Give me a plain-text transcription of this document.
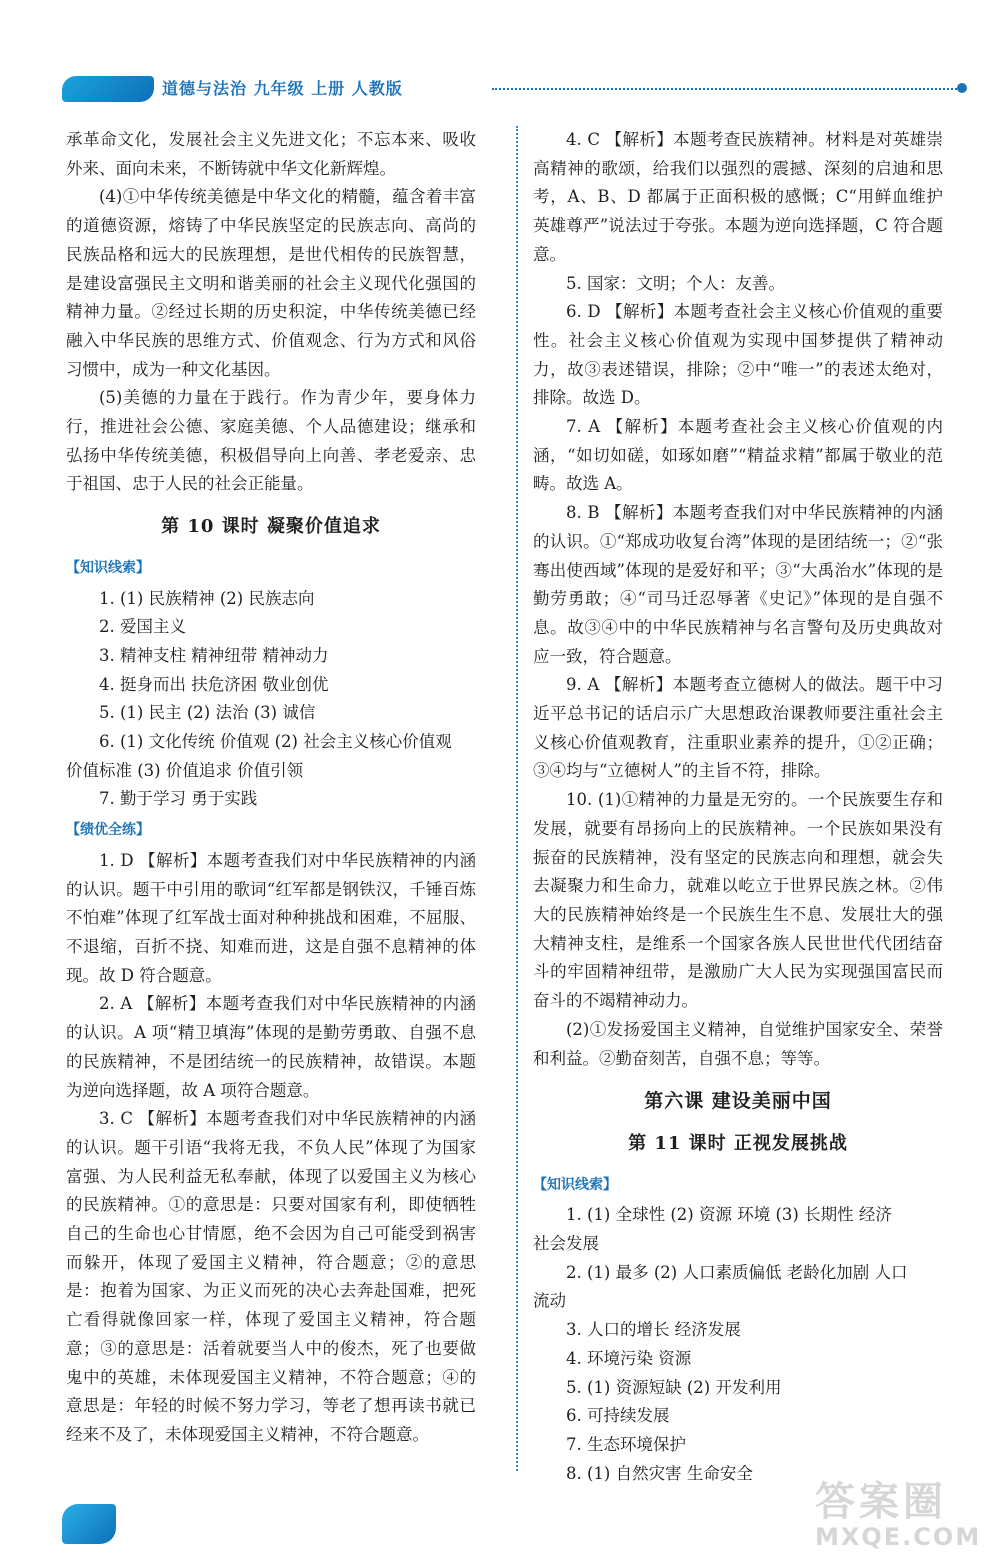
道德与法治 九年级 上册 人教版

承革命文化，发展社会主义先进文化；不忘本来、吸收外来、面向未来，不断铸就中华文化新辉煌。

(4)①中华传统美德是中华文化的精髓，蕴含着丰富的道德资源，熔铸了中华民族坚定的民族志向、高尚的民族品格和远大的民族理想，是世代相传的民族智慧，是建设富强民主文明和谐美丽的社会主义现代化强国的精神力量。②经过长期的历史积淀，中华传统美德已经融入中华民族的思维方式、价值观念、行为方式和风俗习惯中，成为一种文化基因。

(5)美德的力量在于践行。作为青少年，要身体力行，推进社会公德、家庭美德、个人品德建设；继承和弘扬中华传统美德，积极倡导向上向善、孝老爱亲、忠于祖国、忠于人民的社会正能量。

第 10 课时 凝聚价值追求
【知识线索】

1. (1) 民族精神 (2) 民族志向

2. 爱国主义

3. 精神支柱 精神纽带 精神动力

4. 挺身而出 扶危济困 敬业创优

5. (1) 民主 (2) 法治 (3) 诚信

6. (1) 文化传统 价值观 (2) 社会主义核心价值观

价值标准 (3) 价值追求 价值引领

7. 勤于学习 勇于实践

【绩优全练】

1. D 【解析】本题考查我们对中华民族精神的内涵的认识。题干中引用的歌词“红军都是钢铁汉，千锤百炼不怕难”体现了红军战士面对种种挑战和困难，不屈服、不退缩，百折不挠、知难而进，这是自强不息精神的体现。故 D 符合题意。

2. A 【解析】本题考查我们对中华民族精神的内涵的认识。A 项“精卫填海”体现的是勤劳勇敢、自强不息的民族精神，不是团结统一的民族精神，故错误。本题为逆向选择题，故 A 项符合题意。

3. C 【解析】本题考查我们对中华民族精神的内涵的认识。题干引语“我将无我，不负人民”体现了为国家富强、为人民利益无私奉献，体现了以爱国主义为核心的民族精神。①的意思是：只要对国家有利，即使牺牲自己的生命也心甘情愿，绝不会因为自己可能受到祸害而躲开，体现了爱国主义精神，符合题意；②的意思是：抱着为国家、为正义而死的决心去奔赴国难，把死亡看得就像回家一样，体现了爱国主义精神，符合题意；③的意思是：活着就要当人中的俊杰，死了也要做鬼中的英雄，未体现爱国主义精神，不符合题意；④的意思是：年轻的时候不努力学习，等老了想再读书就已经来不及了，未体现爱国主义精神，不符合题意。

4. C 【解析】本题考查民族精神。材料是对英雄崇高精神的歌颂，给我们以强烈的震撼、深刻的启迪和思考，A、B、D 都属于正面积极的感慨；C“用鲜血维护英雄尊严”说法过于夸张。本题为逆向选择题，C 符合题意。

5. 国家：文明；个人：友善。

6. D 【解析】本题考查社会主义核心价值观的重要性。社会主义核心价值观为实现中国梦提供了精神动力，故③表述错误，排除；②中“唯一”的表述太绝对，排除。故选 D。

7. A 【解析】本题考查社会主义核心价值观的内涵，“如切如磋，如琢如磨”“精益求精”都属于敬业的范畴。故选 A。

8. B 【解析】本题考查我们对中华民族精神的内涵的认识。①“郑成功收复台湾”体现的是团结统一；②“张骞出使西域”体现的是爱好和平；③“大禹治水”体现的是勤劳勇敢；④“司马迁忍辱著《史记》”体现的是自强不息。故③④中的中华民族精神与名言警句及历史典故对应一致，符合题意。

9. A 【解析】本题考查立德树人的做法。题干中习近平总书记的话启示广大思想政治课教师要注重社会主义核心价值观教育，注重职业素养的提升，①②正确；③④均与“立德树人”的主旨不符，排除。

10. (1)①精神的力量是无穷的。一个民族要生存和发展，就要有昂扬向上的民族精神。一个民族如果没有振奋的民族精神，没有坚定的民族志向和理想，就会失去凝聚力和生命力，就难以屹立于世界民族之林。②伟大的民族精神始终是一个民族生生不息、发展壮大的强大精神支柱，是维系一个国家各族人民世世代代团结奋斗的牢固精神纽带，是激励广大人民为实现强国富民而奋斗的不竭精神动力。

(2)①发扬爱国主义精神，自觉维护国家安全、荣誉和利益。②勤奋刻苦，自强不息；等等。

第六课 建设美丽中国
第 11 课时 正视发展挑战
【知识线索】

1. (1) 全球性 (2) 资源 环境 (3) 长期性 经济

社会发展

2. (1) 最多 (2) 人口素质偏低 老龄化加剧 人口

流动

3. 人口的增长 经济发展

4. 环境污染 资源

5. (1) 资源短缺 (2) 开发利用

6. 可持续发展

7. 生态环境保护

8. (1) 自然灾害 生命安全

答案圈
MXQE.COM
